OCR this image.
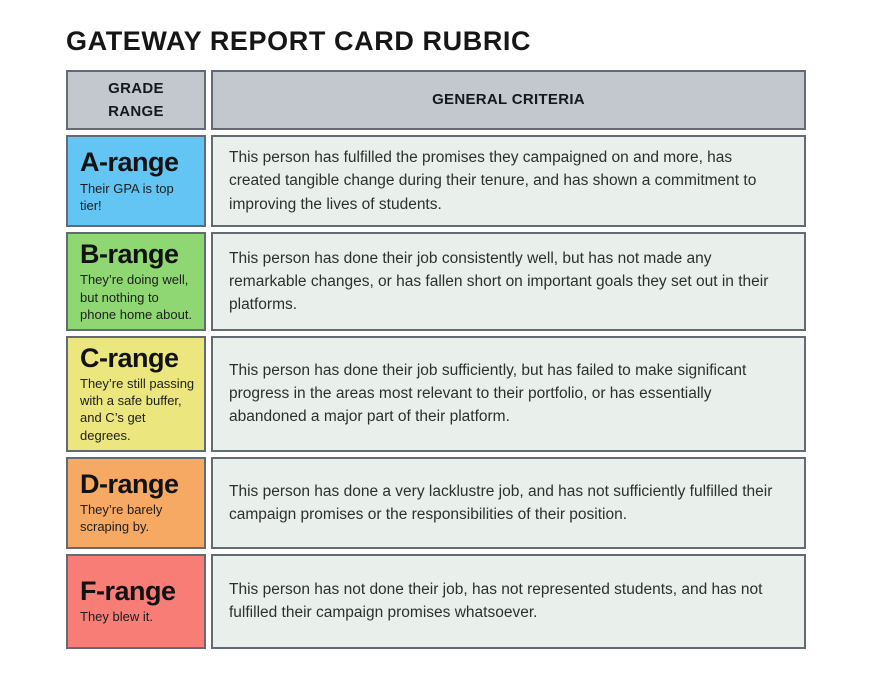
GATEWAY REPORT CARD RUBRIC
GRADE RANGE
GENERAL CRITERIA
A-range
Their GPA is top tier!
This person has fulfilled the promises they campaigned on and more, has created tangible change during their tenure, and has shown a commitment to improving the lives of students.
B-range
They’re doing well, but nothing to phone home about.
This person has done their job consistently well, but has not made any remarkable changes, or has fallen short on important goals they set out in their platforms.
C-range
They’re still passing with a safe buffer, and C’s get degrees.
This person has done their job sufficiently, but has failed to make significant progress in the areas most relevant to their portfolio, or has essentially abandoned a major part of their platform.
D-range
They’re barely scraping by.
This person has done a very lacklustre job, and has not sufficiently fulfilled their campaign promises or the responsibilities of their position.
F-range
They blew it.
This person has not done their job, has not represented students, and has not fulfilled their campaign promises whatsoever.
